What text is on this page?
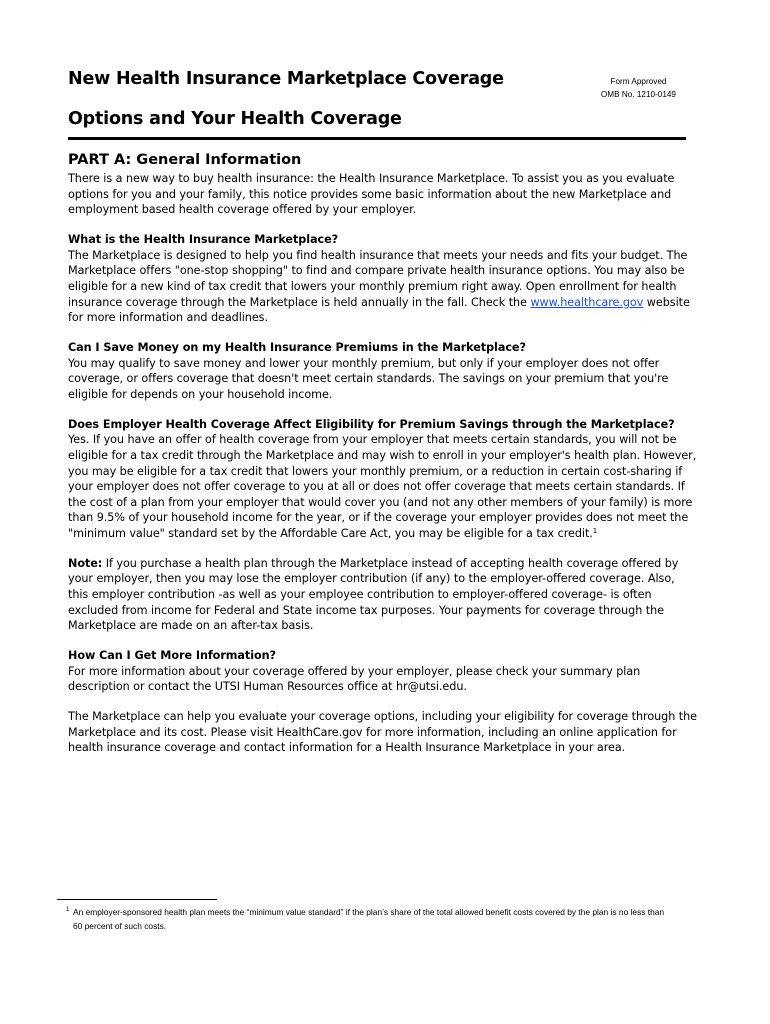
New Health Insurance Marketplace Coverage	Form Approved
OMB No. 1210-0149
Options and Your Health Coverage
PART A: General Information

There is a new way to buy health insurance: the Health Insurance Marketplace. To assist you as you evaluate options for you and your family, this notice provides some basic information about the new Marketplace and employment based health coverage offered by your employer.

What is the Health Insurance Marketplace?

The Marketplace is designed to help you find health insurance that meets your needs and fits your budget. The Marketplace offers "one-stop shopping" to find and compare private health insurance options. You may also be eligible for a new kind of tax credit that lowers your monthly premium right away. Open enrollment for health insurance coverage through the Marketplace is held annually in the fall. Check the www.healthcare.gov website for more information and deadlines.

Can I Save Money on my Health Insurance Premiums in the Marketplace?

You may qualify to save money and lower your monthly premium, but only if your employer does not offer coverage, or offers coverage that doesn't meet certain standards. The savings on your premium that you're eligible for depends on your household income.

Does Employer Health Coverage Affect Eligibility for Premium Savings through the Marketplace?

Yes. If you have an offer of health coverage from your employer that meets certain standards, you will not be eligible for a tax credit through the Marketplace and may wish to enroll in your employer's health plan. However, you may be eligible for a tax credit that lowers your monthly premium, or a reduction in certain cost-sharing if your employer does not offer coverage to you at all or does not offer coverage that meets certain standards. If the cost of a plan from your employer that would cover you (and not any other members of your family) is more than 9.5% of your household income for the year, or if the coverage your employer provides does not meet the "minimum value" standard set by the Affordable Care Act, you may be eligible for a tax credit.$^1$

Note: If you purchase a health plan through the Marketplace instead of accepting health coverage offered by your employer, then you may lose the employer contribution (if any) to the employer-offered coverage. Also, this employer contribution -as well as your employee contribution to employer-offered coverage- is often excluded from income for Federal and State income tax purposes. Your payments for coverage through the Marketplace are made on an after-tax basis.

How Can I Get More Information?

For more information about your coverage offered by your employer, please check your summary plan description or contact the UTSI Human Resources office at hr@utsi.edu.

The Marketplace can help you evaluate your coverage options, including your eligibility for coverage through the Marketplace and its cost. Please visit HealthCare.gov for more information, including an online application for health insurance coverage and contact information for a Health Insurance Marketplace in your area.

1 An employer-sponsored health plan meets the “minimum value standard” if the plan’s share of the total allowed benefit costs covered by the plan is no less than 60 percent of such costs.
